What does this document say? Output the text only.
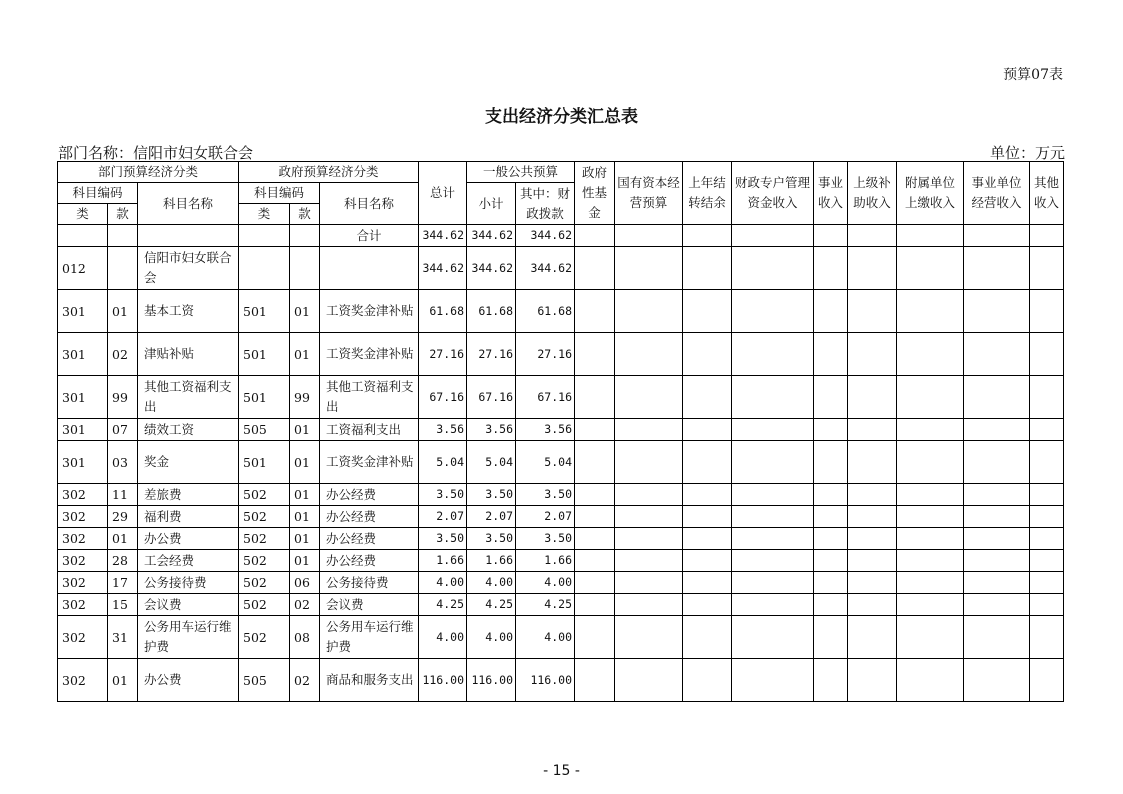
预算07表
支出经济分类汇总表
部门名称：信阳市妇女联合会	单位：万元
部门预算经济分类			政府预算经济分类			总计	一般公共预算		政府性基金	国有资本经营预算	上年结转结余	财政专户管理资金收入	事业收入	上级补助收入	附属单位上缴收入	事业单位经营收入	其他收入
科目编码		科目名称	科目编码		科目名称		小计	其中：财政拨款									
类	款		类	款													
					合计	344.62	344.62	344.62									
012		信阳市妇女联合会				344.62	344.62	344.62									
301	01	基本工资	501	01	工资奖金津补贴	61.68	61.68	61.68									
301	02	津贴补贴	501	01	工资奖金津补贴	27.16	27.16	27.16									
301	99	其他工资福利支出	501	99	其他工资福利支出	67.16	67.16	67.16									
301	07	绩效工资	505	01	工资福利支出	3.56	3.56	3.56									
301	03	奖金	501	01	工资奖金津补贴	5.04	5.04	5.04									
302	11	差旅费	502	01	办公经费	3.50	3.50	3.50									
302	29	福利费	502	01	办公经费	2.07	2.07	2.07									
302	01	办公费	502	01	办公经费	3.50	3.50	3.50									
302	28	工会经费	502	01	办公经费	1.66	1.66	1.66									
302	17	公务接待费	502	06	公务接待费	4.00	4.00	4.00									
302	15	会议费	502	02	会议费	4.25	4.25	4.25									
302	31	公务用车运行维护费	502	08	公务用车运行维护费	4.00	4.00	4.00									
302	01	办公费	505	02	商品和服务支出	116.00	116.00	116.00									
- 15 -
